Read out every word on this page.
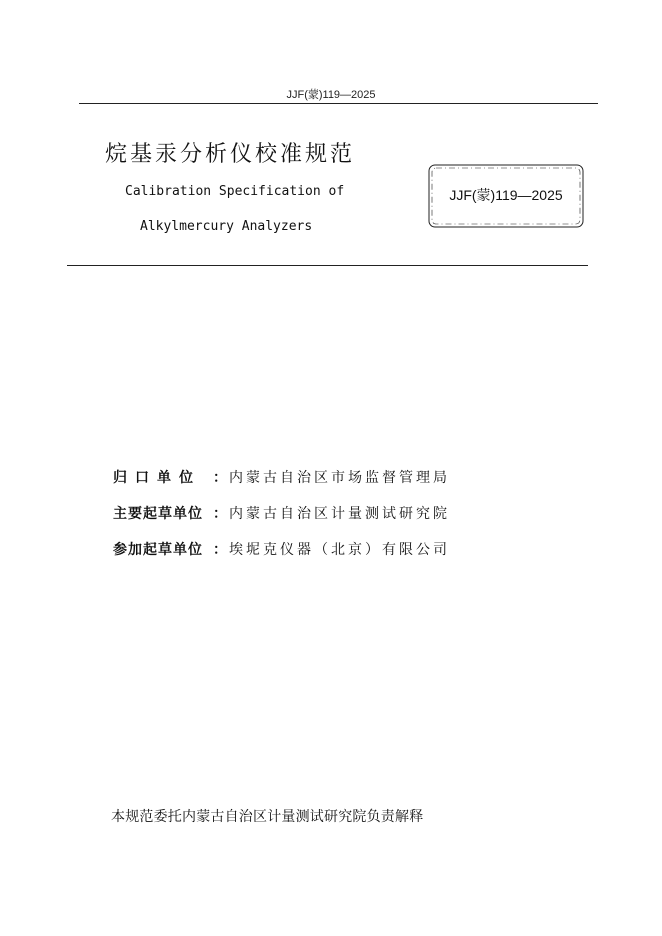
JJF(蒙)119—2025
烷基汞分析仪校准规范
Calibration Specification of
Alkylmercury Analyzers
JJF(蒙)119—2025
归口单位 ： 内蒙古自治区市场监督管理局
主要起草单位 ： 内蒙古自治区计量测试研究院
参加起草单位 ： 埃坭克仪器（北京）有限公司
本规范委托内蒙古自治区计量测试研究院负责解释
